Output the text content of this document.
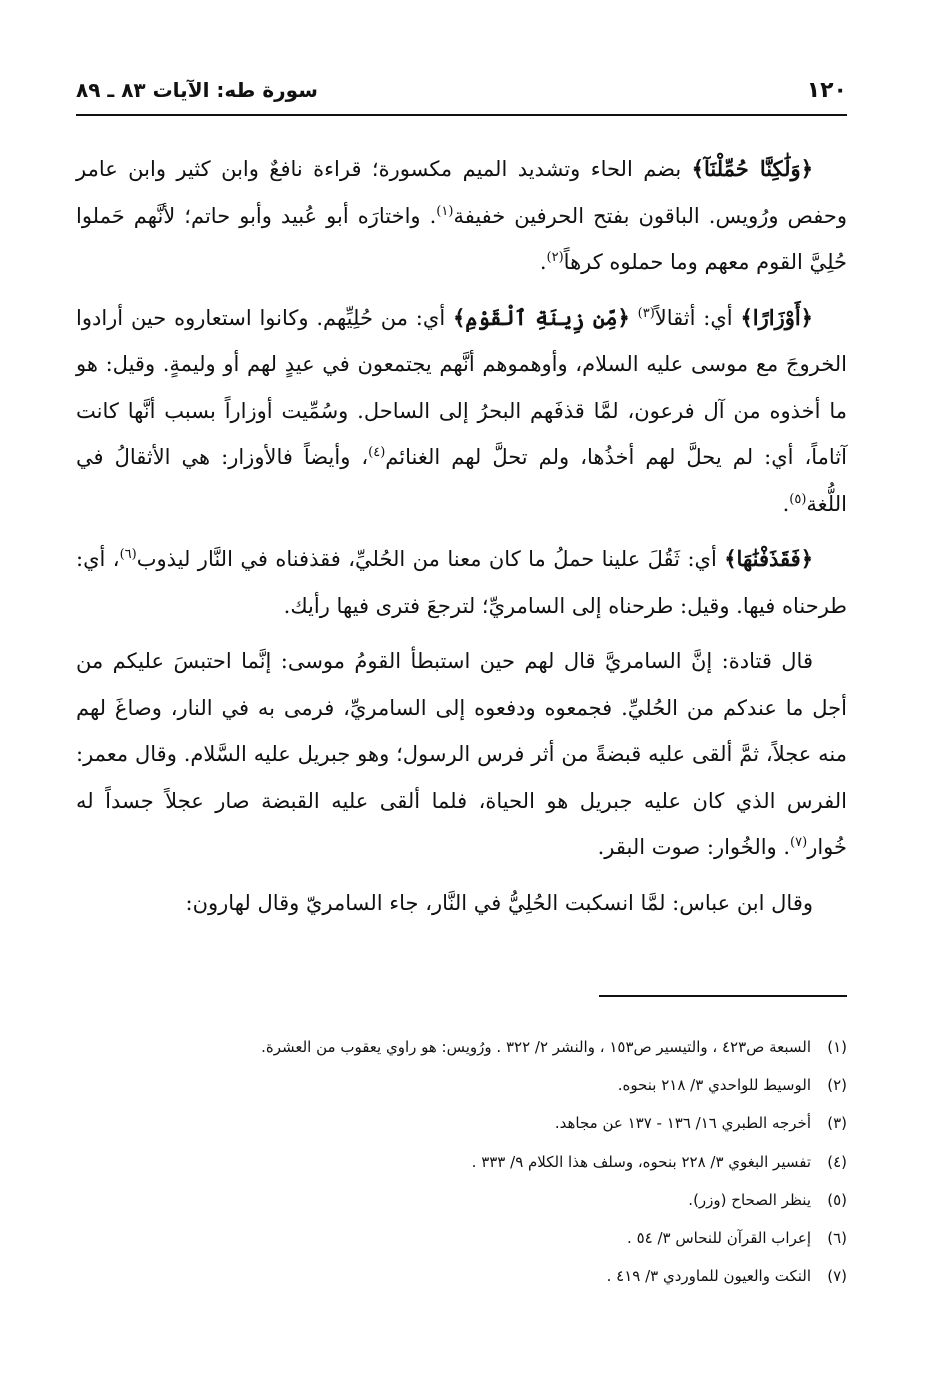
سورة طه: الآيات ٨٣ ـ ٨٩	١٢٠

﴿وَلَٰكِنَّا حُمِّلْنَآ﴾ بضم الحاء وتشديد الميم مكسورة؛ قراءة نافعٌ وابن كثير وابن عامر وحفص ورُويس. الباقون بفتح الحرفين خفيفة$^{(١)}$. واختارَه أبو عُبيد وأبو حاتم؛ لأنَّهم حَملوا حُلِيَّ القوم معهم وما حملوه كرهاً$^{(٢)}$.

﴿أَوْزَارًا﴾ أي: أثقالاً$^{(٣)}$ ﴿مِّن زِينَةِ ٱلْقَوْمِ﴾ أي: من حُلِيِّهم. وكانوا استعاروه حين أرادوا الخروجَ مع موسى عليه السلام، وأوهموهم أنَّهم يجتمعون في عيدٍ لهم أو وليمةٍ. وقيل: هو ما أخذوه من آل فرعون، لمَّا قذفَهم البحرُ إلى الساحل. وسُمِّيت أوزاراً بسبب أنَّها كانت آثاماً، أي: لم يحلَّ لهم أخذُها، ولم تحلَّ لهم الغنائم$^{(٤)}$، وأيضاً فالأوزار: هي الأثقالُ في اللُّغة$^{(٥)}$.

﴿فَقَذَفْنَٰهَا﴾ أي: ثَقُلَ علينا حملُ ما كان معنا من الحُليِّ، فقذفناه في النَّار ليذوب$^{(٦)}$، أي: طرحناه فيها. وقيل: طرحناه إلى السامريِّ؛ لترجعَ فترى فيها رأيك.

قال قتادة: إنَّ السامريَّ قال لهم حين استبطأ القومُ موسى: إنَّما احتبسَ عليكم من أجل ما عندكم من الحُليِّ. فجمعوه ودفعوه إلى السامريِّ، فرمى به في النار، وصاغَ لهم منه عجلاً، ثمَّ ألقى عليه قبضةً من أثر فرس الرسول؛ وهو جبريل عليه السَّلام. وقال معمر: الفرس الذي كان عليه جبريل هو الحياة، فلما ألقى عليه القبضة صار عجلاً جسداً له خُوار$^{(٧)}$. والخُوار: صوت البقر.

وقال ابن عباس: لمَّا انسكبت الحُلِيُّ في النَّار، جاء السامريّ وقال لهارون:

(١)السبعة ص٤٢٣ ، والتيسير ص١٥٣ ، والنشر ٢/ ٣٢٢ . ورُويس: هو راوي يعقوب من العشرة.
(٢)الوسيط للواحدي ٣/ ٢١٨ بنحوه.
(٣)أخرجه الطبري ١٦/ ١٣٦ - ١٣٧ عن مجاهد.
(٤)تفسير البغوي ٣/ ٢٢٨ بنحوه، وسلف هذا الكلام ٩/ ٣٣٣ .
(٥)ينظر الصحاح (وزر).
(٦)إعراب القرآن للنحاس ٣/ ٥٤ .
(٧)النكت والعيون للماوردي ٣/ ٤١٩ .
